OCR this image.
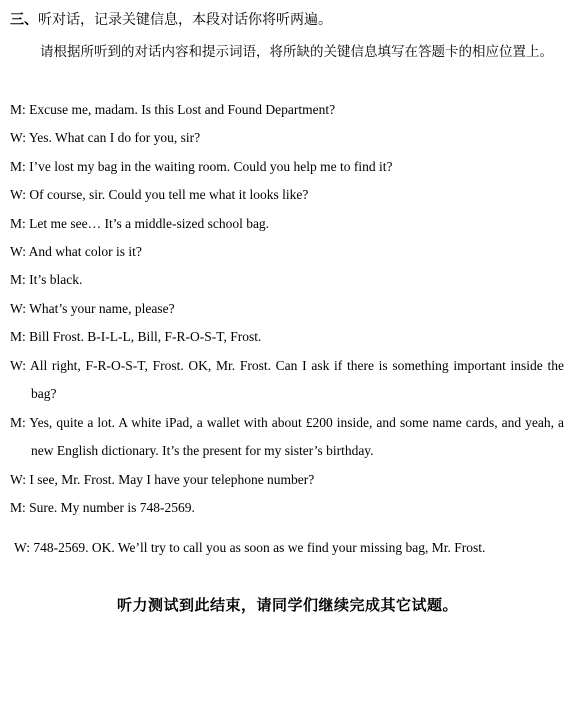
三、听对话，记录关键信息，本段对话你将听两遍。
请根据所听到的对话内容和提示词语，将所缺的关键信息填写在答题卡的相应位置上。
M: Excuse me, madam. Is this Lost and Found Department?
W: Yes. What can I do for you, sir?
M: I’ve lost my bag in the waiting room. Could you help me to find it?
W: Of course, sir. Could you tell me what it looks like?
M: Let me see… It’s a middle-sized school bag.
W: And what color is it?
M: It’s black.
W: What’s your name, please?
M: Bill Frost. B-I-L-L, Bill, F-R-O-S-T, Frost.
W: All right, F-R-O-S-T, Frost. OK, Mr. Frost. Can I ask if there is something important inside the bag?
M: Yes, quite a lot. A white iPad, a wallet with about £200 inside, and some name cards, and yeah, a new English dictionary. It’s the present for my sister’s birthday.
W: I see, Mr. Frost. May I have your telephone number?
M: Sure. My number is 748-2569.
W: 748-2569. OK. We’ll try to call you as soon as we find your missing bag, Mr. Frost.
听力测试到此结束，请同学们继续完成其它试题。
